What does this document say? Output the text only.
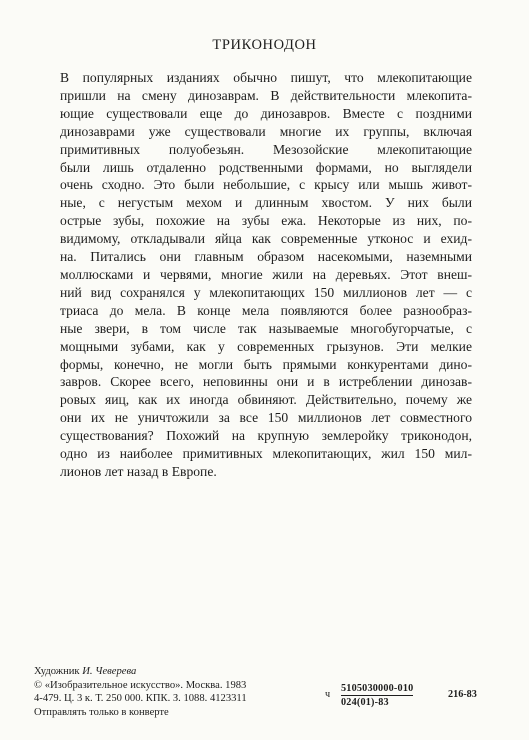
ТРИКОНОДОН
В популярных изданиях обычно пишут, что млекопитающие
пришли на смену динозаврам. В действительности млекопита-
ющие существовали еще до динозавров. Вместе с поздними
динозаврами уже существовали многие их группы, включая
примитивных полуобезьян. Мезозойские млекопитающие
были лишь отдаленно родственными формами, но выглядели
очень сходно. Это были небольшие, с крысу или мышь живот-
ные, с негустым мехом и длинным хвостом. У них были
острые зубы, похожие на зубы ежа. Некоторые из них, по-
видимому, откладывали яйца как современные утконос и ехид-
на. Питались они главным образом насекомыми, наземными
моллюсками и червями, многие жили на деревьях. Этот внеш-
ний вид сохранялся у млекопитающих 150 миллионов лет — с
триаса до мела. В конце мела появляются более разнообраз-
ные звери, в том числе так называемые многобугорчатые, с
мощными зубами, как у современных грызунов. Эти мелкие
формы, конечно, не могли быть прямыми конкурентами дино-
завров. Скорее всего, неповинны они и в истреблении динозав-
ровых яиц, как их иногда обвиняют. Действительно, почему же
они их не уничтожили за все 150 миллионов лет совместного
существования? Похожий на крупную землеройку триконодон,
одно из наиболее примитивных млекопитающих, жил 150 мил-
лионов лет назад в Европе.
Художник И. Чеверева
© «Изобразительное искусство». Москва. 1983
4-479. Ц. 3 к. Т. 250 000. КПК. З. 1088. 4123311
Отправлять только в конверте
ч $\frac{5105030000-010}{024(01)-83}$	216-83
